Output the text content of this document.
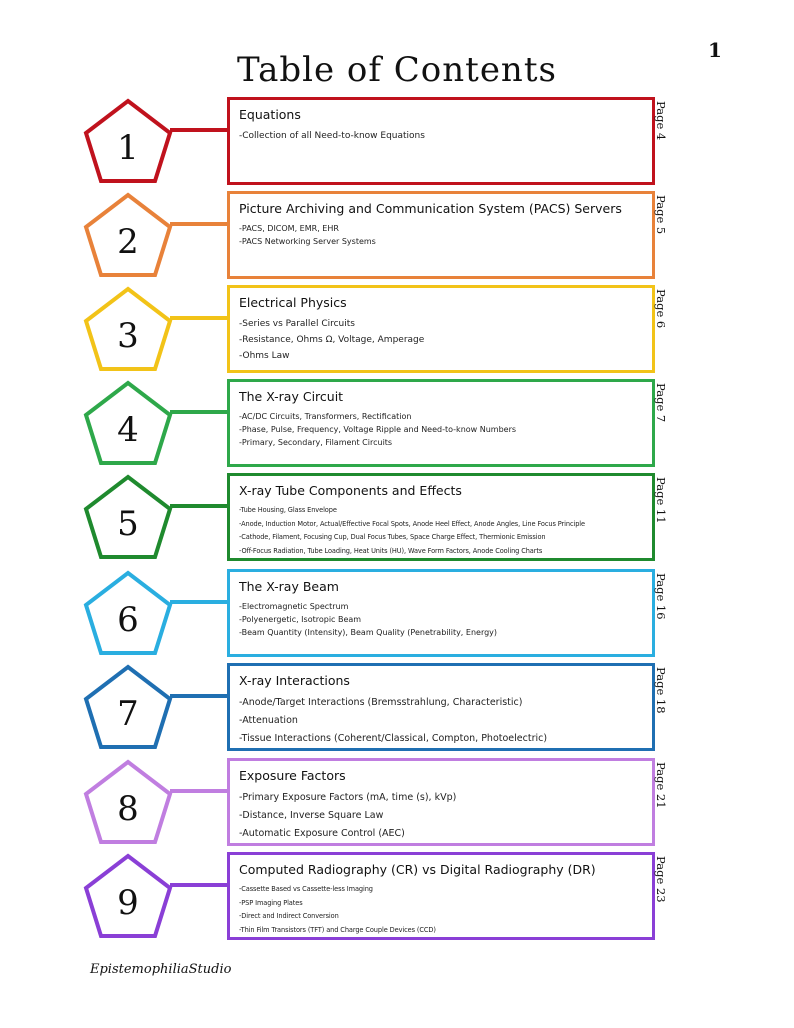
1
Table of Contents
1
Equations
-Collection of all Need-to-know Equations	Page 4
2
Picture Archiving and Communication System (PACS) Servers
-PACS, DICOM, EMR, EHR
-PACS Networking Server Systems
Page 5
3
Electrical Physics
-Series vs Parallel Circuits
-Resistance, Ohms Ω, Voltage, Amperage
-Ohms Law
Page 6
4
The X-ray Circuit
-AC/DC Circuits, Transformers, Rectification
-Phase, Pulse, Frequency, Voltage Ripple and Need-to-know Numbers
-Primary, Secondary, Filament Circuits
Page 7
5
X-ray Tube Components and Effects
-Tube Housing, Glass Envelope
-Anode, Induction Motor, Actual/Effective Focal Spots, Anode Heel Effect, Anode Angles, Line Focus Principle
-Cathode, Filament, Focusing Cup, Dual Focus Tubes, Space Charge Effect, Thermionic Emission
-Off-Focus Radiation, Tube Loading, Heat Units (HU), Wave Form Factors, Anode Cooling Charts
Page 11
6
The X-ray Beam
-Electromagnetic Spectrum
-Polyenergetic, Isotropic Beam
-Beam Quantity (Intensity), Beam Quality (Penetrability, Energy)
Page 16
7
X-ray Interactions
-Anode/Target Interactions (Bremsstrahlung, Characteristic)
-Attenuation
-Tissue Interactions (Coherent/Classical, Compton, Photoelectric)
Page 18
8
Exposure Factors
-Primary Exposure Factors (mA, time (s), kVp)
-Distance, Inverse Square Law
-Automatic Exposure Control (AEC)
Page 21
9
Computed Radiography (CR) vs Digital Radiography (DR)
-Cassette Based vs Cassette-less Imaging
-PSP Imaging Plates
-Direct and Indirect Conversion
-Thin Film Transistors (TFT) and Charge Couple Devices (CCD)
Page 23
EpistemophiliaStudio
